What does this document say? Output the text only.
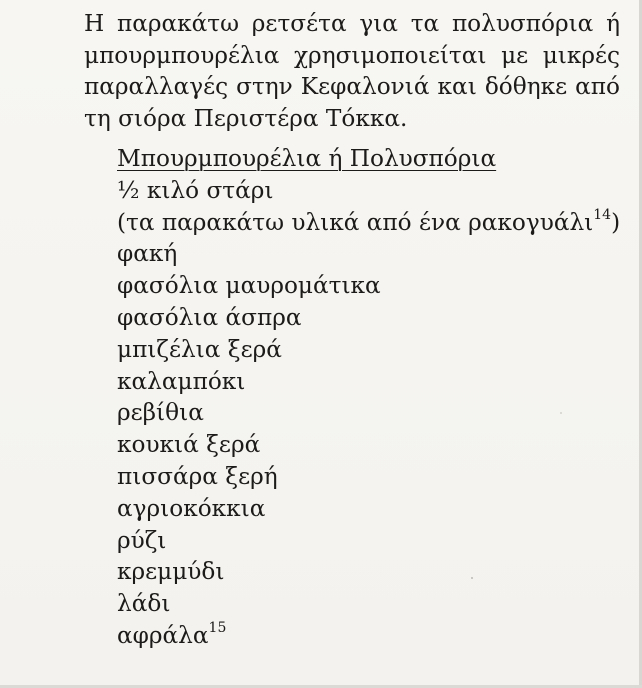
Η παρακάτω ρετσέτα για τα πολυσπόρια ή
μπουρμπουρέλια χρησιμοποιείται με μικρές
παραλλαγές στην Κεφαλονιά και δόθηκε από
τη σιόρα Περιστέρα Τόκκα.
Μπουρμπουρέλια ή Πολυσπόρια
½ κιλό στάρι
(τα παρακάτω υλικά από ένα ρακογυάλι$^{14}$)
φακή
φασόλια μαυρομάτικα
φασόλια άσπρα
μπιζέλια ξερά
καλαμπόκι
ρεβίθια
κουκιά ξερά
πισσάρα ξερή
αγριοκόκκια
ρύζι
κρεμμύδι
λάδι
αφράλα$^{15}$
